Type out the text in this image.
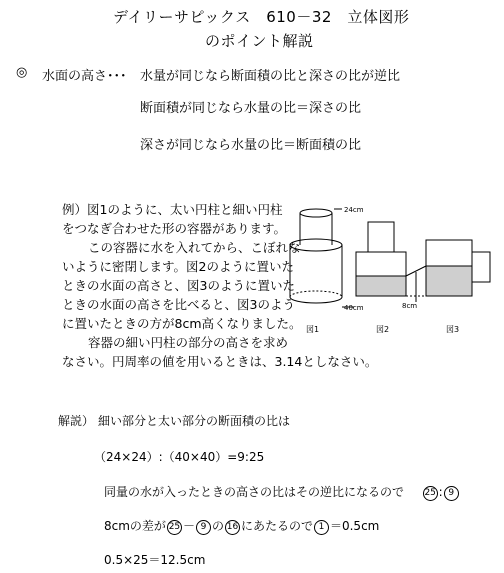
デイリーサピックス　610－32　立体図形
のポイント解説
◎ 水面の高さ･･･ 水量が同じなら断面積の比と深さの比が逆比
断面積が同じなら水量の比＝深さの比
深さが同じなら水量の比＝断面積の比
例）図1のように、太い円柱と細い円柱
をつなぎ合わせた形の容器があります。
この容器に水を入れてから、こぼれな
いように密閉します。図2のように置いた
ときの水面の高さと、図3のように置いた
ときの水面の高さを比べると、図3のよう
に置いたときの方が8cm高くなりました。
容器の細い円柱の部分の高さを求め
なさい。円周率の値を用いるときは、3.14としなさい。
24cm
40cm	8cm
図1	図2	図3
解説） 細い部分と太い部分の断面積の比は
（24×24）:（40×40）=9:25
同量の水が入ったときの高さの比はその逆比になるので 25 : 9
8cmの差が 25 － 9 の 16 にあたるので 1 ＝0.5cm
0.5×25＝12.5cm
